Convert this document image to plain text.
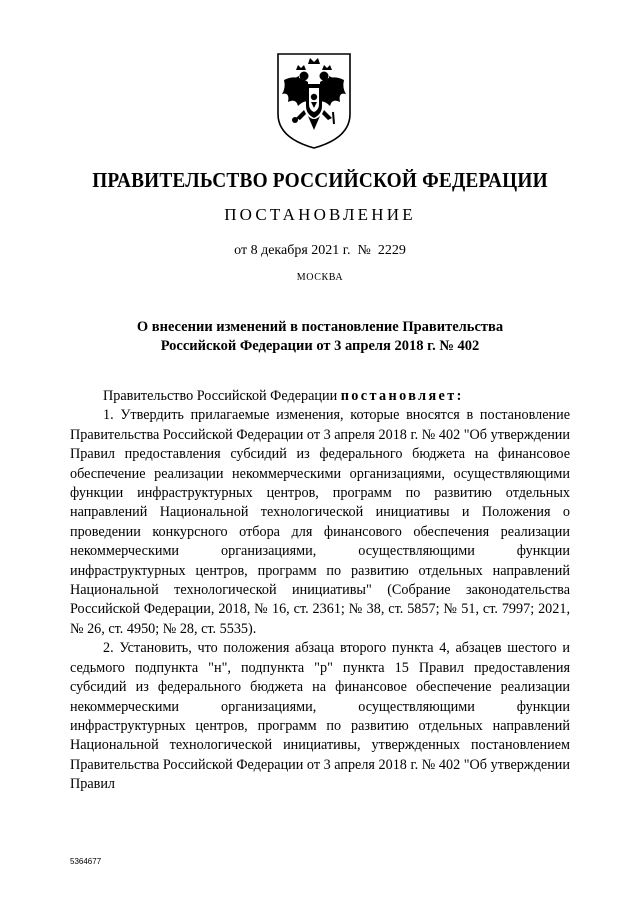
ПРАВИТЕЛЬСТВО РОССИЙСКОЙ ФЕДЕРАЦИИ
ПОСТАНОВЛЕНИЕ
от 8 декабря 2021 г. № 2229
МОСКВА
О внесении изменений в постановление Правительства
Российской Федерации от 3 апреля 2018 г. № 402

Правительство Российской Федерации постановляет:

1. Утвердить прилагаемые изменения, которые вносятся в постановление Правительства Российской Федерации от 3 апреля 2018 г. № 402 "Об утверждении Правил предоставления субсидий из федерального бюджета на финансовое обеспечение реализации некоммерческими организациями, осуществляющими функции инфраструктурных центров, программ по развитию отдельных направлений Национальной технологической инициативы и Положения о проведении конкурсного отбора для финансового обеспечения реализации некоммерческими организациями, осуществляющими функции инфраструктурных центров, программ по развитию отдельных направлений Национальной технологической инициативы" (Собрание законодательства Российской Федерации, 2018, № 16, ст. 2361; № 38, ст. 5857; № 51, ст. 7997; 2021, № 26, ст. 4950; № 28, ст. 5535).

2. Установить, что положения абзаца второго пункта 4, абзацев шестого и седьмого подпункта "н", подпункта "р" пункта 15 Правил предоставления субсидий из федерального бюджета на финансовое обеспечение реализации некоммерческими организациями, осуществляющими функции инфраструктурных центров, программ по развитию отдельных направлений Национальной технологической инициативы, утвержденных постановлением Правительства Российской Федерации от 3 апреля 2018 г. № 402 "Об утверждении Правил

5364677
